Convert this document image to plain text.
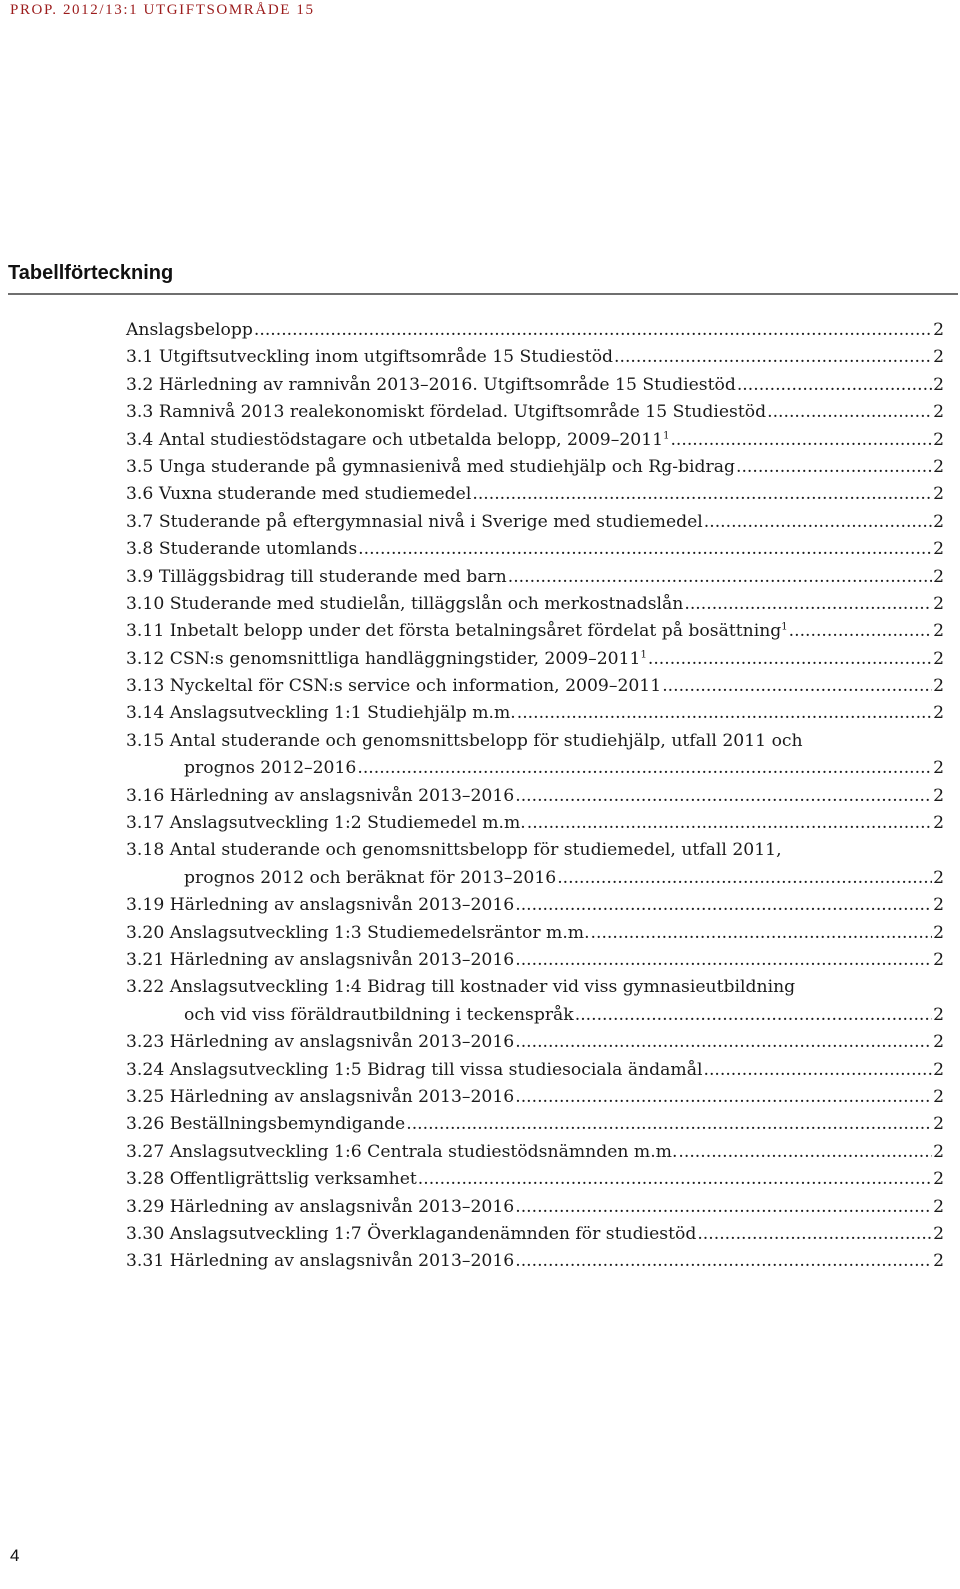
PROP. 2012/13:1 UTGIFTSOMRÅDE 15
Tabellförteckning
Anslagsbelopp .....	2
3.1 Utgiftsutveckling inom utgiftsområde 15 Studiestöd .....	2
3.2 Härledning av ramnivån 2013–2016. Utgiftsområde 15 Studiestöd .....	2
3.3 Ramnivå 2013 realekonomiskt fördelad. Utgiftsområde 15 Studiestöd .....	2
3.4 Antal studiestödstagare och utbetalda belopp, 2009–2011$^1$ .....	2
3.5 Unga studerande på gymnasienivå med studiehjälp och Rg-bidrag .....	2
3.6 Vuxna studerande med studiemedel .....	2
3.7 Studerande på eftergymnasial nivå i Sverige med studiemedel .....	2
3.8 Studerande utomlands .....	2
3.9 Tilläggsbidrag till studerande med barn .....	2
3.10 Studerande med studielån, tilläggslån och merkostnadslån .....	2
3.11 Inbetalt belopp under det första betalningsåret fördelat på bosättning$^1$ .....	2
3.12 CSN:s genomsnittliga handläggningstider, 2009–2011$^1$ .....	2
3.13 Nyckeltal för CSN:s service och information, 2009–2011 .....	2
3.14 Anslagsutveckling 1:1 Studiehjälp m.m. .....	2
3.15 Antal studerande och genomsnittsbelopp för studiehjälp, utfall 2011 och
prognos 2012–2016 .....	2
3.16 Härledning av anslagsnivån 2013–2016 .....	2
3.17 Anslagsutveckling 1:2 Studiemedel m.m. .....	2
3.18 Antal studerande och genomsnittsbelopp för studiemedel, utfall 2011,
prognos 2012 och beräknat för 2013–2016 .....	2
3.19 Härledning av anslagsnivån 2013–2016 .....	2
3.20 Anslagsutveckling 1:3 Studiemedelsräntor m.m. .....	2
3.21 Härledning av anslagsnivån 2013–2016 .....	2
3.22 Anslagsutveckling 1:4 Bidrag till kostnader vid viss gymnasieutbildning
och vid viss föräldrautbildning i teckenspråk .....	2
3.23 Härledning av anslagsnivån 2013–2016 .....	2
3.24 Anslagsutveckling 1:5 Bidrag till vissa studiesociala ändamål .....	2
3.25 Härledning av anslagsnivån 2013–2016 .....	2
3.26 Beställningsbemyndigande .....	2
3.27 Anslagsutveckling 1:6 Centrala studiestödsnämnden m.m. .....	2
3.28 Offentligrättslig verksamhet .....	2
3.29 Härledning av anslagsnivån 2013–2016 .....	2
3.30 Anslagsutveckling 1:7 Överklagandenämnden för studiestöd .....	2
3.31 Härledning av anslagsnivån 2013–2016 .....	2
4
